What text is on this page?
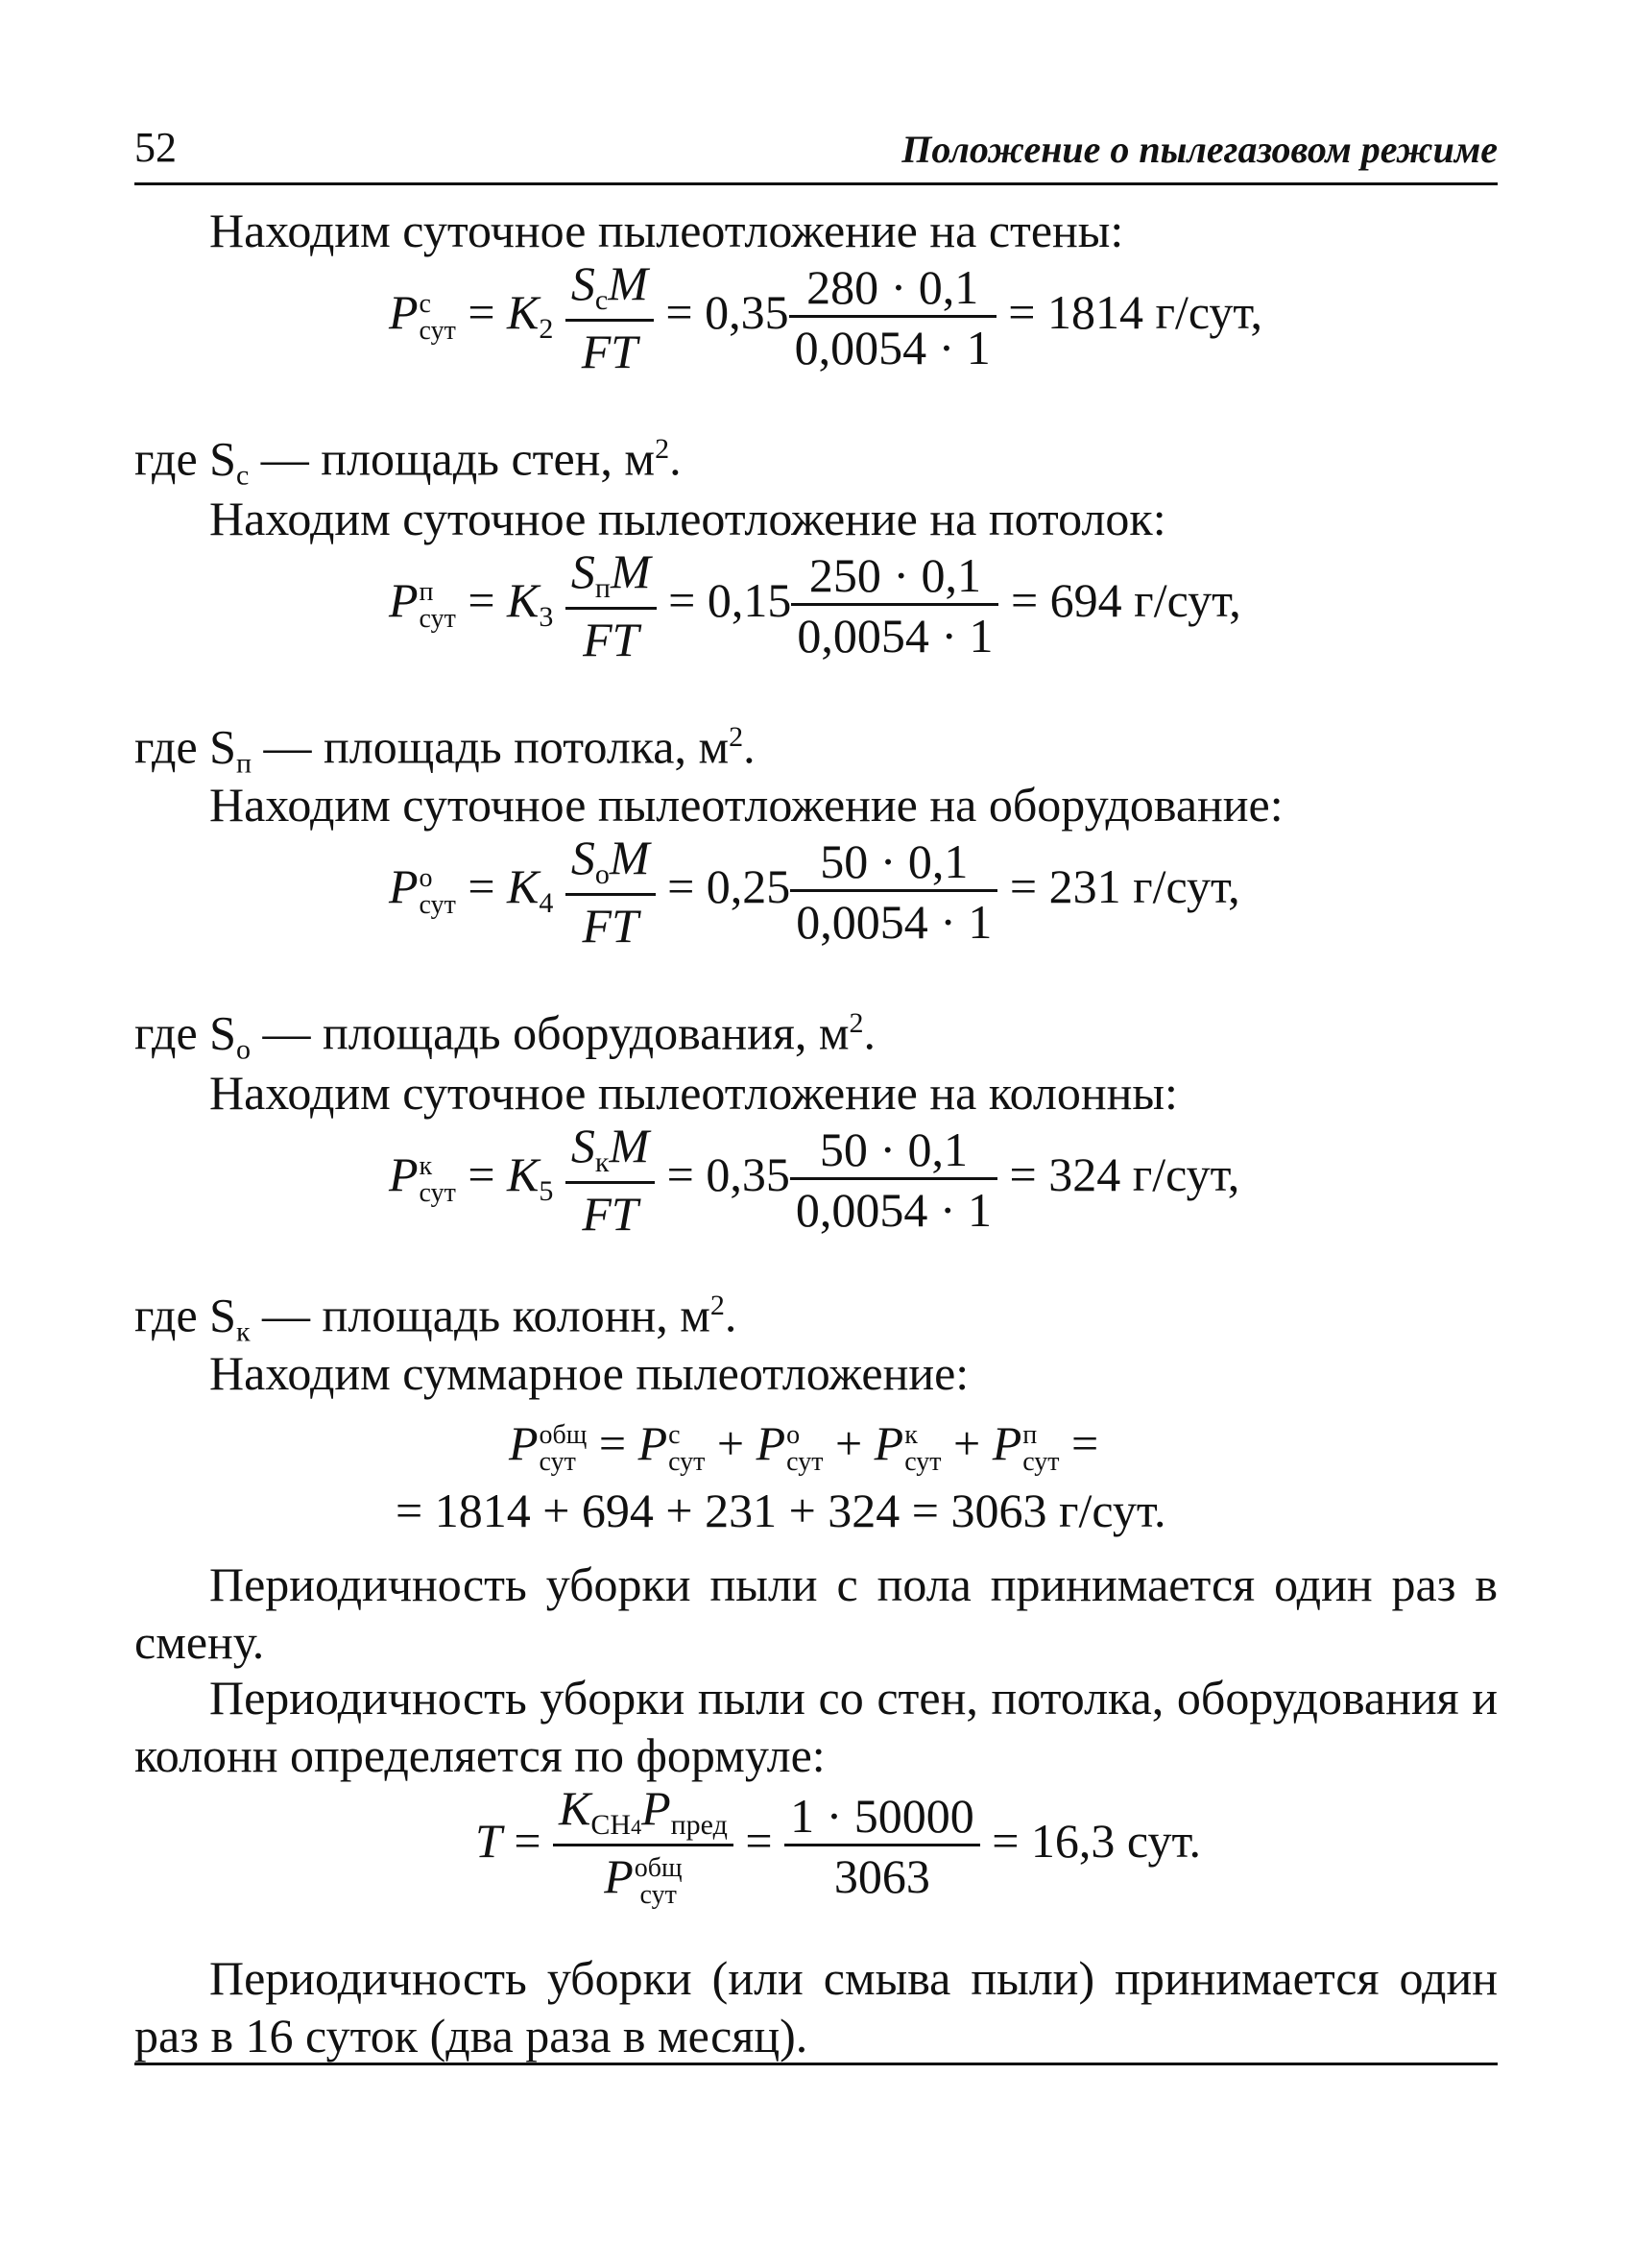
52	Положение о пылегазовом режиме
Находим суточное пылеотложение на стены:
P с
сут = $K_2 \frac{S_сM}{FT} = 0,35 \frac{280 \cdot 0,1}{0,0054 \cdot 1} = 1814$ г/сут,
где $S_с$ — площадь стен, $м^2$.
Находим суточное пылеотложение на потолок:
P п
сут = $K_3 \frac{S_пM}{FT} = 0,15 \frac{250 \cdot 0,1}{0,0054 \cdot 1} = 694$ г/сут,
где $S_п$ — площадь потолка, $м^2$.
Находим суточное пылеотложение на оборудование:
P о
сут = $K_4 \frac{S_оM}{FT} = 0,25 \frac{50 \cdot 0,1}{0,0054 \cdot 1} = 231$ г/сут,
где $S_о$ — площадь оборудования, $м^2$.
Находим суточное пылеотложение на колонны:
P к
сут = $K_5 \frac{S_кM}{FT} = 0,35 \frac{50 \cdot 0,1}{0,0054 \cdot 1} = 324$ г/сут,
где $S_к$ — площадь колонн, $м^2$.
Находим суммарное пылеотложение:
P общ
сут = P с
сут + P о
сут + P к
сут + P п
сут =
= 1814 + 694 + 231 + 324 = 3063 г/сут.
Периодичность уборки пыли с пола принимается один раз в смену.
Периодичность уборки пыли со стен, потолка, оборудования и колонн определяется по формуле:
$T = K_{CH4}P_{пред}$
P общ
сут = $\frac{1 \cdot 50000}{3063} = 16,3$ сут.
Периодичность уборки (или смыва пыли) принимается один раз в 16 суток (два раза в месяц).
